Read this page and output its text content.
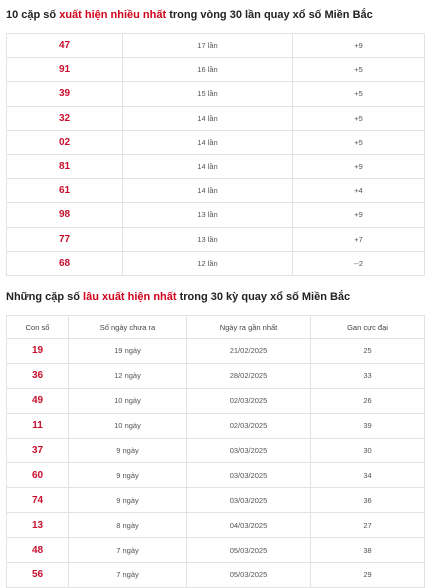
10 cặp số xuất hiện nhiều nhất trong vòng 30 lần quay xổ số Miền Bắc
47	17 lần	+9
91	16 lần	+5
39	15 lần	+5
32	14 lần	+5
02	14 lần	+5
81	14 lần	+9
61	14 lần	+4
98	13 lần	+9
77	13 lần	+7
68	12 lần	--2
Những cặp số lâu xuất hiện nhất trong 30 kỳ quay xổ số Miền Bắc
Con số	Số ngày chưa ra	Ngày ra gần nhất	Gan cực đại
19	19 ngày	21/02/2025	25
36	12 ngày	28/02/2025	33
49	10 ngày	02/03/2025	26
11	10 ngày	02/03/2025	39
37	9 ngày	03/03/2025	30
60	9 ngày	03/03/2025	34
74	9 ngày	03/03/2025	36
13	8 ngày	04/03/2025	27
48	7 ngày	05/03/2025	38
56	7 ngày	05/03/2025	29
